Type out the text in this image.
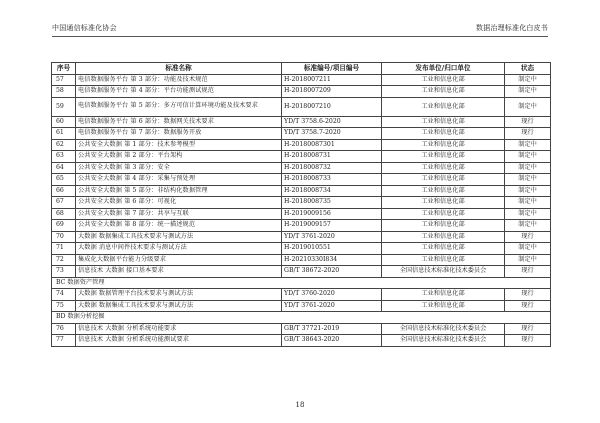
中国通信标准化协会	数据治理标准化白皮书
序号	标准名称	标准编号/项目编号	发布单位/归口单位	状态
57	电信数据服务平台 第 3 部分：功能及技术规范	H-2018007211	工业和信息化部	制定中
58	电信数据服务平台 第 4 部分：平台功能测试规范	H-2018007209	工业和信息化部	制定中
59	电信数据服务平台 第 5 部分：多方可信计算环境功能及技术要求	H-2018007210	工业和信息化部	制定中
60	电信数据服务平台 第 6 部分：数据网关技术要求	YD/T 3758.6-2020	工业和信息化部	现行
61	电信数据服务平台 第 7 部分：数据服务开放	YD/T 3758.7-2020	工业和信息化部	现行
62	公共安全大数据 第 1 部分：技术参考模型	H-20180087301	工业和信息化部	制定中
63	公共安全大数据 第 2 部分：平台架构	H-2018008731	工业和信息化部	制定中
64	公共安全大数据 第 3 部分：安全	H-2018008732	工业和信息化部	制定中
65	公共安全大数据 第 4 部分：采集与预处理	H-2018008733	工业和信息化部	制定中
66	公共安全大数据 第 5 部分：非结构化数据管理	H-2018008734	工业和信息化部	制定中
67	公共安全大数据 第 6 部分：可视化	H-2018008735	工业和信息化部	制定中
68	公共安全大数据 第 7 部分：共享与互联	H-2019009156	工业和信息化部	制定中
69	公共安全大数据 第 8 部分：统一描述规范	H-2019009157	工业和信息化部	制定中
70	大数据 数据集成工具技术要求与测试方法	YD/T 3761-2020	工业和信息化部	现行
71	大数据 消息中间件技术要求与测试方法	H-2019010551	工业和信息化部	制定中
72	集成化大数据平台能力分级要求	H-20210330I834	工业和信息化部	制定中
73	信息技术 大数据 接口基本要求	GB/T 38672-2020	全国信息技术标准化技术委员会	现行
BC 数据资产管理				
74	大数据 数据管理平台技术要求与测试方法	YD/T 3760-2020	工业和信息化部	现行
75	大数据 数据集成工具技术要求与测试方法	YD/T 3761-2020	工业和信息化部	现行
BD 数据分析挖掘				
76	信息技术 大数据 分析系统功能要求	GB/T 37721-2019	全国信息技术标准化技术委员会	现行
77	信息技术 大数据 分析系统功能测试要求	GB/T 38643-2020	全国信息技术标准化技术委员会	现行
18
